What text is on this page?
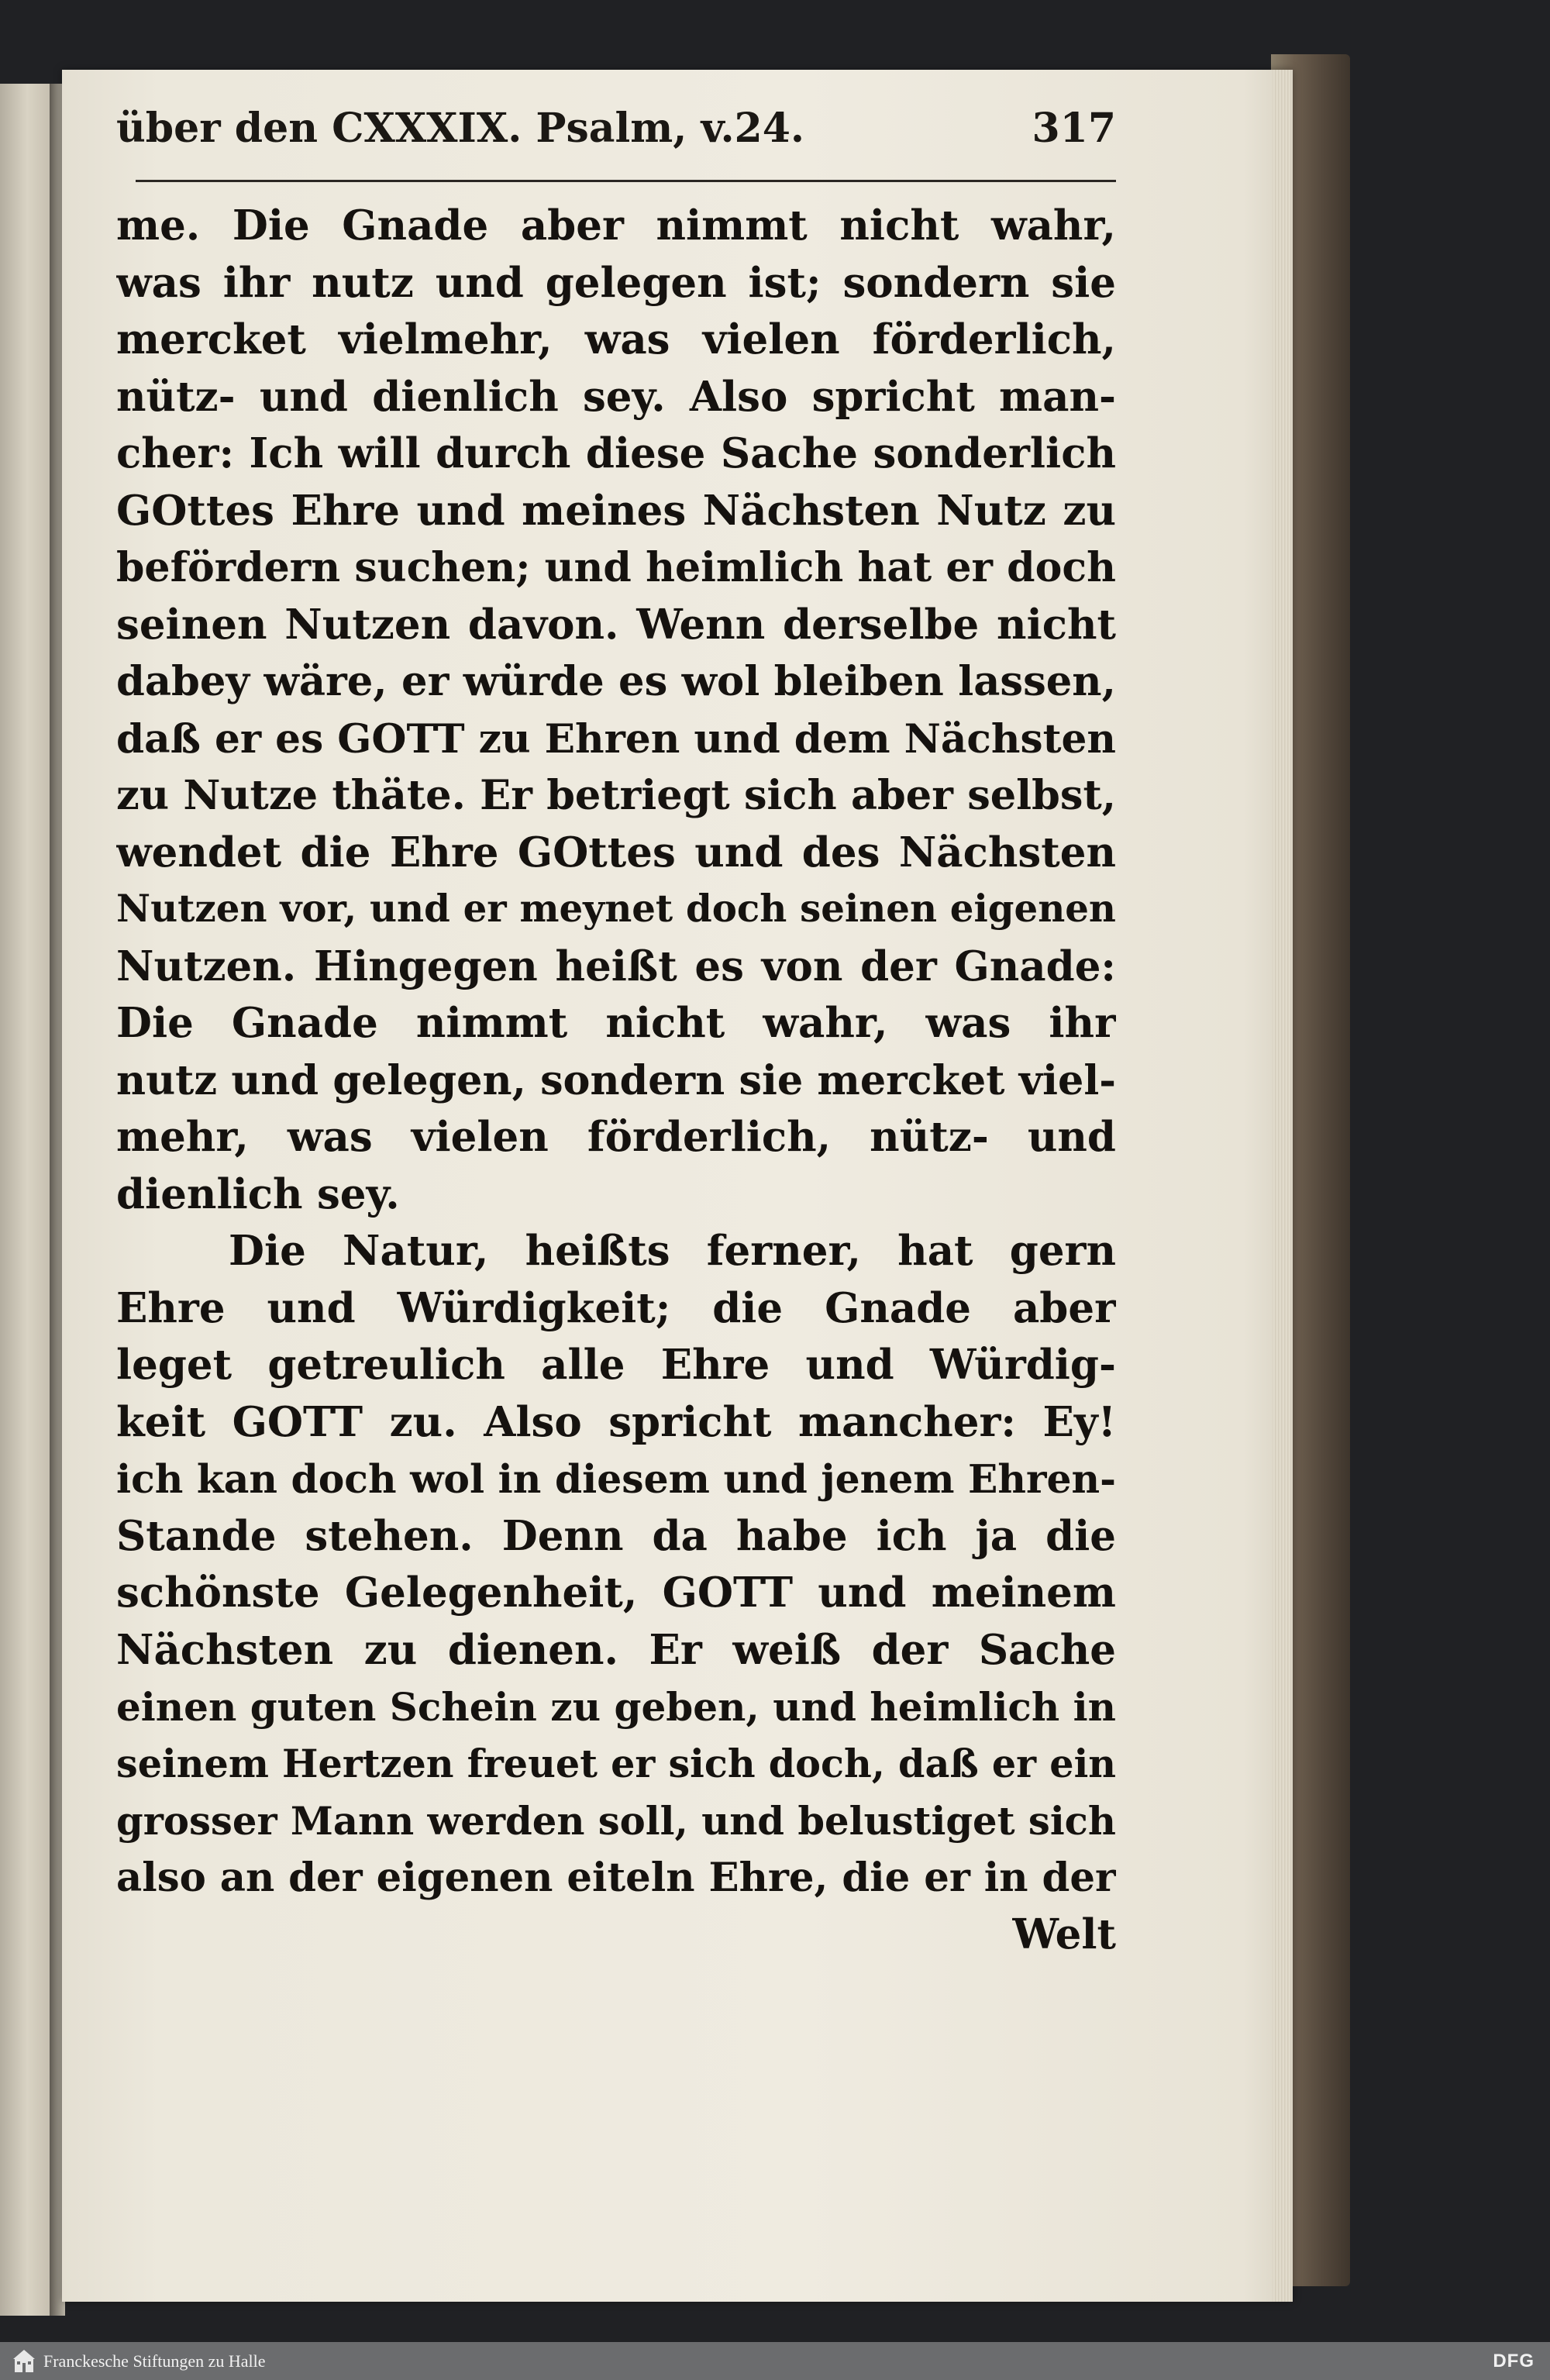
über den CXXXIX. Psalm, v.24.	317
me. Die Gnade aber nimmt nicht wahr,
was ihr nutz und gelegen ist; sondern sie
mercket vielmehr, was vielen förderlich,
nütz- und dienlich sey. Also spricht man-
cher: Ich will durch diese Sache sonderlich
GOttes Ehre und meines Nächsten Nutz zu
befördern suchen; und heimlich hat er doch
seinen Nutzen davon. Wenn derselbe nicht
dabey wäre, er würde es wol bleiben lassen,
daß er es GOTT zu Ehren und dem Nächsten
zu Nutze thäte. Er betriegt sich aber selbst,
wendet die Ehre GOttes und des Nächsten
Nutzen vor, und er meynet doch seinen eigenen
Nutzen. Hingegen heißt es von der Gnade:
Die Gnade nimmt nicht wahr, was ihr
nutz und gelegen, sondern sie mercket viel-
mehr, was vielen förderlich, nütz- und
dienlich sey.
Die Natur, heißts ferner, hat gern
Ehre und Würdigkeit; die Gnade aber
leget getreulich alle Ehre und Würdig-
keit GOTT zu. Also spricht mancher: Ey!
ich kan doch wol in diesem und jenem Ehren-
Stande stehen. Denn da habe ich ja die
schönste Gelegenheit, GOTT und meinem
Nächsten zu dienen. Er weiß der Sache
einen guten Schein zu geben, und heimlich in
seinem Hertzen freuet er sich doch, daß er ein
grosser Mann werden soll, und belustiget sich
also an der eigenen eiteln Ehre, die er in der
Welt
Franckesche Stiftungen zu Halle	DFG
